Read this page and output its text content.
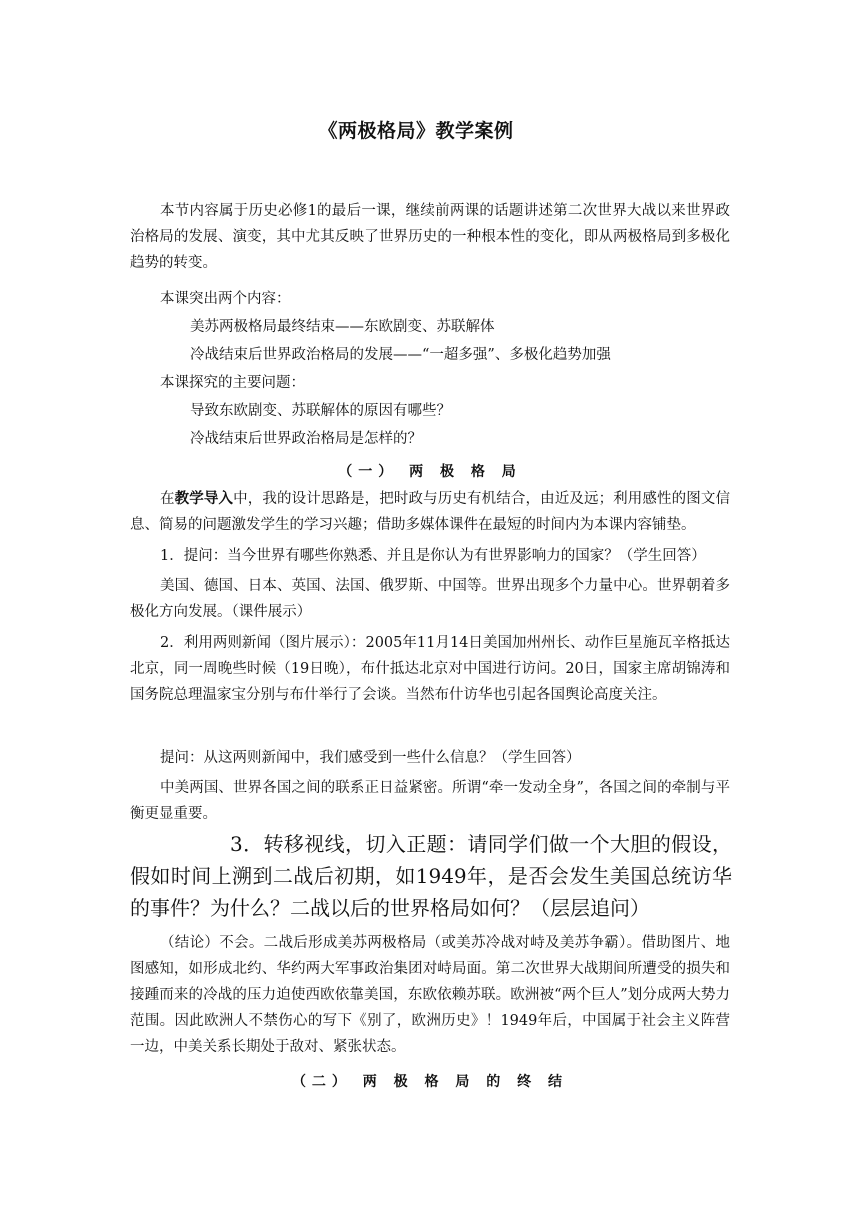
《两极格局》教学案例

本节内容属于历史必修1的最后一课，继续前两课的话题讲述第二次世界大战以来世界政治格局的发展、演变，其中尤其反映了世界历史的一种根本性的变化，即从两极格局到多极化趋势的转变。

本课突出两个内容：

美苏两极格局最终结束——东欧剧变、苏联解体

冷战结束后世界政治格局的发展——“一超多强”、多极化趋势加强

本课探究的主要问题：

导致东欧剧变、苏联解体的原因有哪些？

冷战结束后世界政治格局是怎样的？

（一） 两 极 格 局

在教学导入中，我的设计思路是，把时政与历史有机结合，由近及远；利用感性的图文信息、简易的问题激发学生的学习兴趣；借助多媒体课件在最短的时间内为本课内容铺垫。

1．提问：当今世界有哪些你熟悉、并且是你认为有世界影响力的国家？（学生回答）

美国、德国、日本、英国、法国、俄罗斯、中国等。世界出现多个力量中心。世界朝着多极化方向发展。（课件展示）

2．利用两则新闻（图片展示）：2005年11月14日美国加州州长、动作巨星施瓦辛格抵达北京，同一周晚些时候（19日晚），布什抵达北京对中国进行访问。20日，国家主席胡锦涛和国务院总理温家宝分别与布什举行了会谈。当然布什访华也引起各国舆论高度关注。

提问：从这两则新闻中，我们感受到一些什么信息？（学生回答）

中美两国、世界各国之间的联系正日益紧密。所谓“牵一发动全身”，各国之间的牵制与平衡更显重要。

3．转移视线，切入正题：请同学们做一个大胆的假设，假如时间上溯到二战后初期，如1949年，是否会发生美国总统访华的事件？为什么？二战以后的世界格局如何？（层层追问）

（结论）不会。二战后形成美苏两极格局（或美苏冷战对峙及美苏争霸）。借助图片、地图感知，如形成北约、华约两大军事政治集团对峙局面。第二次世界大战期间所遭受的损失和接踵而来的冷战的压力迫使西欧依靠美国，东欧依赖苏联。欧洲被“两个巨人”划分成两大势力范围。因此欧洲人不禁伤心的写下《别了，欧洲历史》！1949年后，中国属于社会主义阵营一边，中美关系长期处于敌对、紧张状态。

（二） 两 极 格 局 的 终 结
